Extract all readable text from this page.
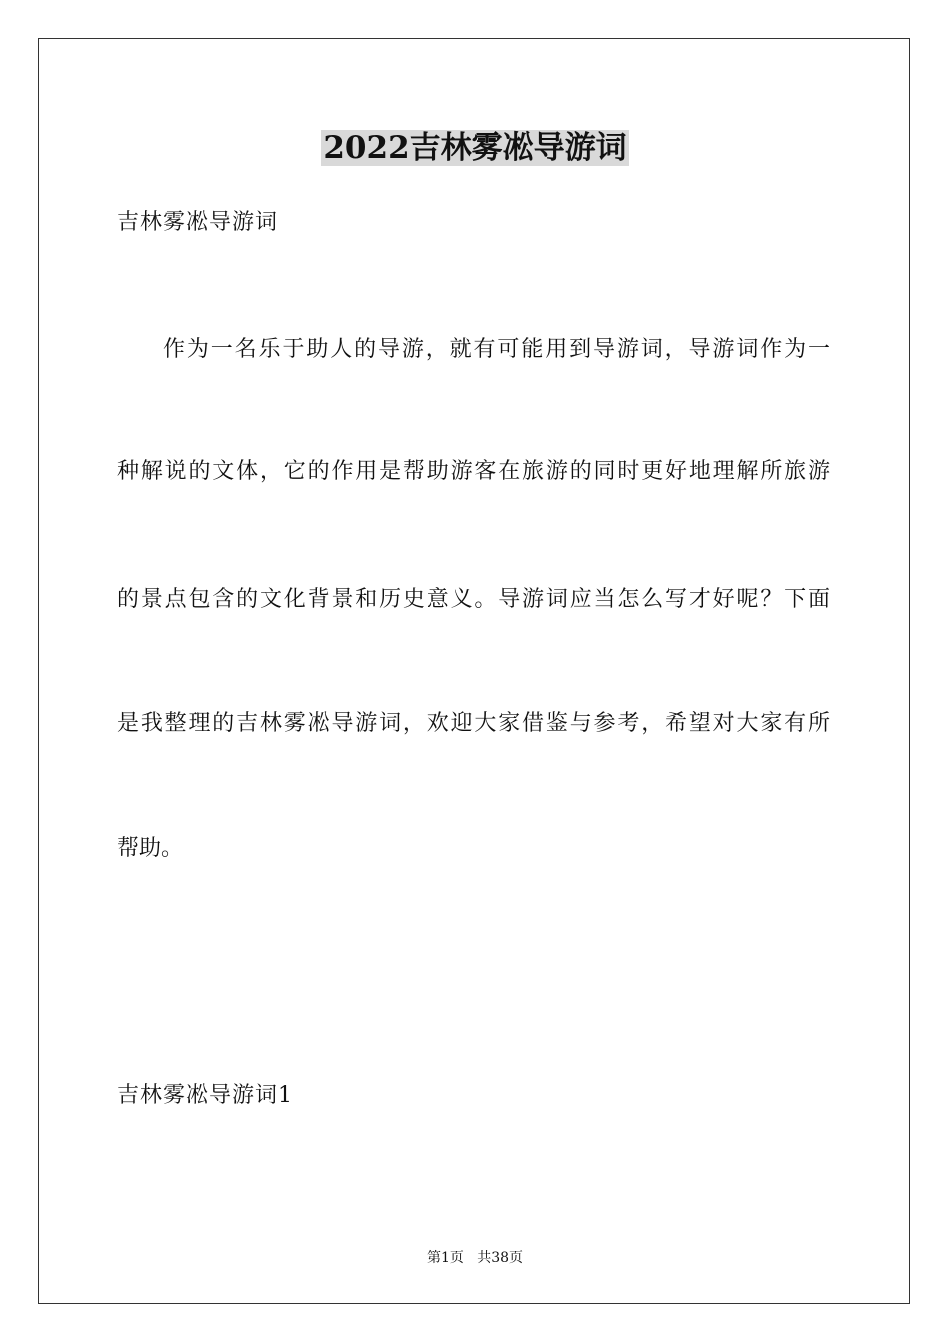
2022吉林雾凇导游词
吉林雾凇导游词
作为一名乐于助人的导游，就有可能用到导游词，导游词作为一
种解说的文体，它的作用是帮助游客在旅游的同时更好地理解所旅游
的景点包含的文化背景和历史意义。导游词应当怎么写才好呢？下面
是我整理的吉林雾凇导游词，欢迎大家借鉴与参考，希望对大家有所
帮助。
吉林雾凇导游词1
第1页   共38页
